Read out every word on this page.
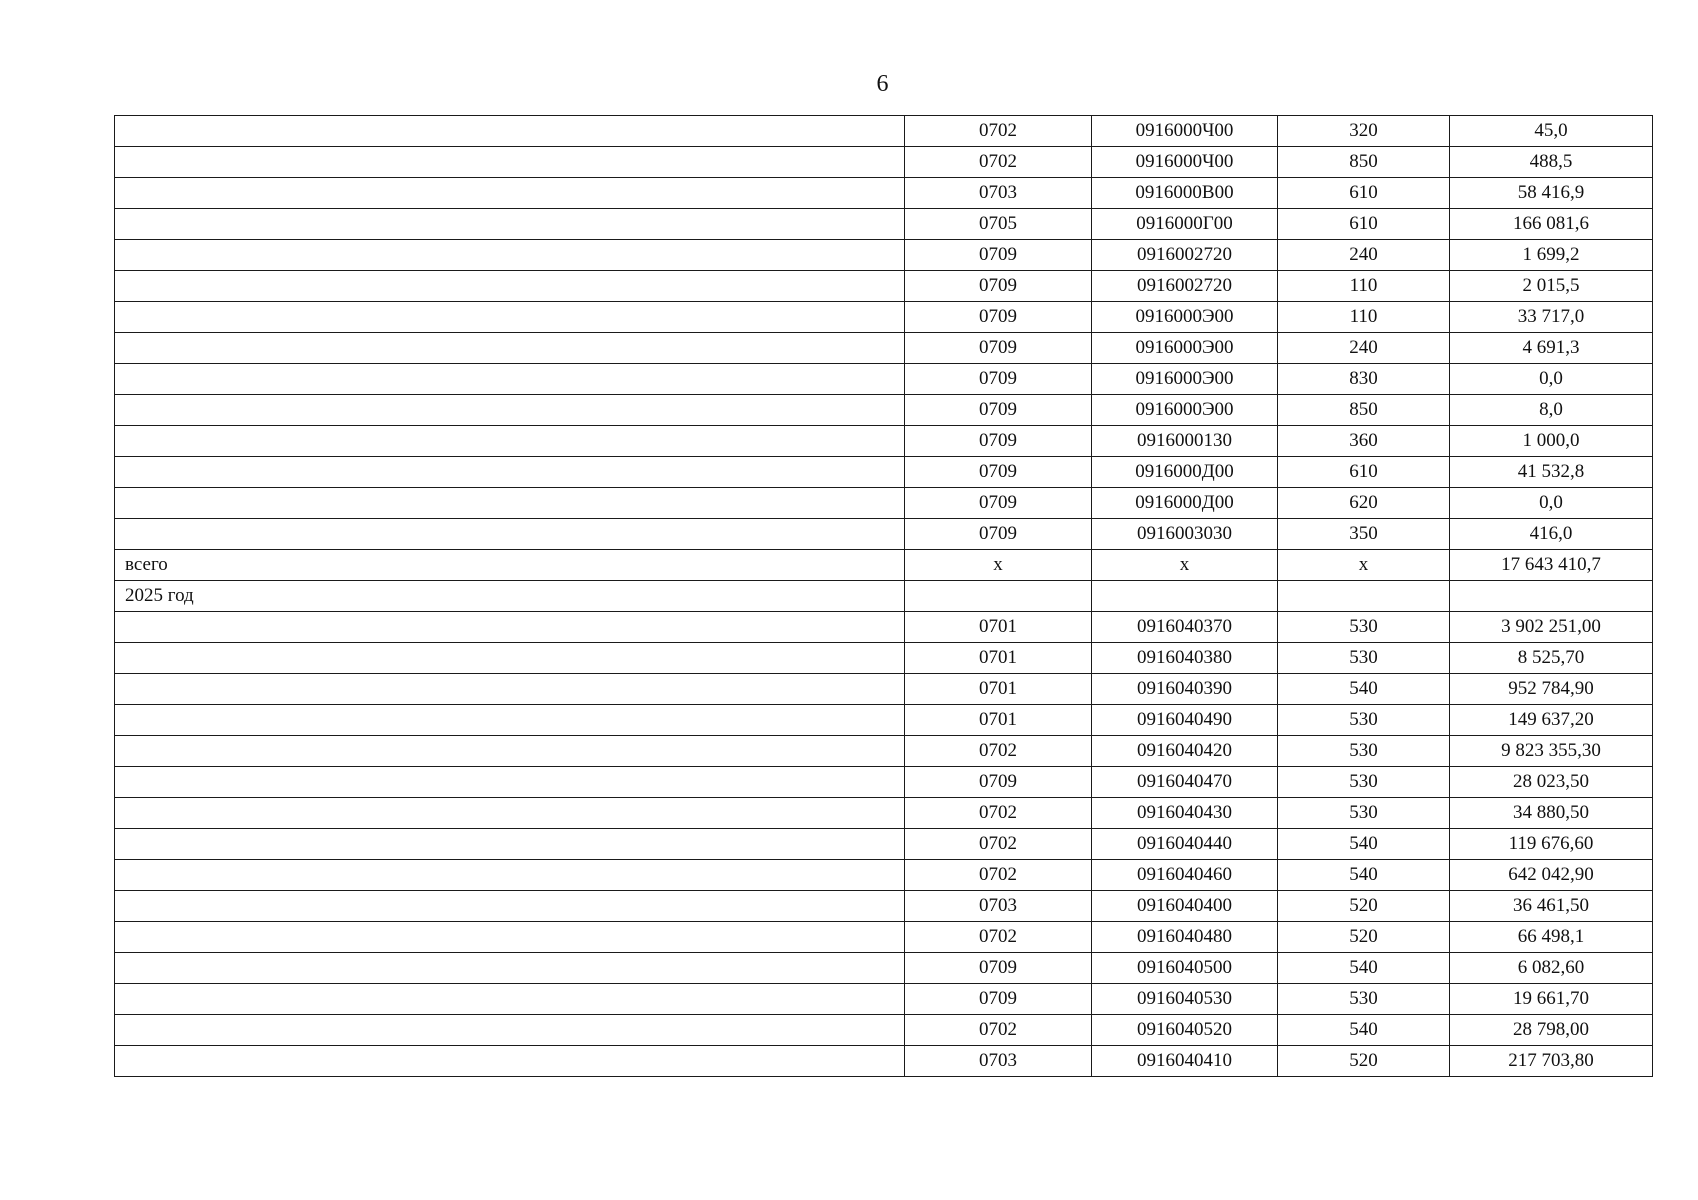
6
	0702	0916000Ч00	320	45,0
	0702	0916000Ч00	850	488,5
	0703	0916000В00	610	58 416,9
	0705	0916000Г00	610	166 081,6
	0709	0916002720	240	1 699,2
	0709	0916002720	110	2 015,5
	0709	0916000Э00	110	33 717,0
	0709	0916000Э00	240	4 691,3
	0709	0916000Э00	830	0,0
	0709	0916000Э00	850	8,0
	0709	0916000130	360	1 000,0
	0709	0916000Д00	610	41 532,8
	0709	0916000Д00	620	0,0
	0709	0916003030	350	416,0
всего	х	х	х	17 643 410,7
2025 год				
	0701	0916040370	530	3 902 251,00
	0701	0916040380	530	8 525,70
	0701	0916040390	540	952 784,90
	0701	0916040490	530	149 637,20
	0702	0916040420	530	9 823 355,30
	0709	0916040470	530	28 023,50
	0702	0916040430	530	34 880,50
	0702	0916040440	540	119 676,60
	0702	0916040460	540	642 042,90
	0703	0916040400	520	36 461,50
	0702	0916040480	520	66 498,1
	0709	0916040500	540	6 082,60
	0709	0916040530	530	19 661,70
	0702	0916040520	540	28 798,00
	0703	0916040410	520	217 703,80
